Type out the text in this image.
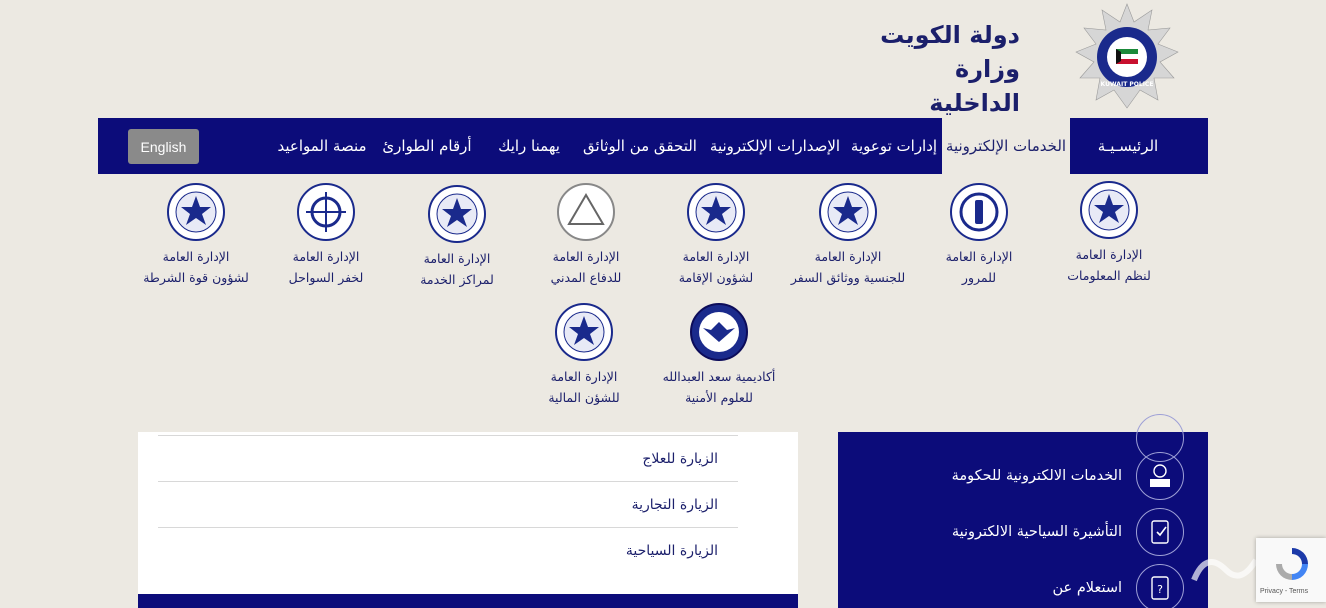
دولة الكويت
وزارة الداخلية
KUWAIT POLICE
الرئيسـيـة
الخدمات الإلكترونية
إدارات توعوية
الإصدارات الإلكترونية
التحقق من الوثائق
يهمنا رايك
أرقام الطوارئ
منصة المواعيد
English
الإدارة العامة
لنظم المعلومات
الإدارة العامة
للمرور
الإدارة العامة
للجنسية ووثائق السفر
الإدارة العامة
لشؤون الإقامة
الإدارة العامة
للدفاع المدني
الإدارة العامة
لمراكز الخدمة
الإدارة العامة
لخفر السواحل
الإدارة العامة
لشؤون قوة الشرطة
أكاديمية سعد العبدالله
للعلوم الأمنية
الإدارة العامة
للشؤن المالية
الزيارة للعلاج
الزيارة التجارية
الزيارة السياحية
الخدمات الالكترونية للحكومة
التأشيرة السياحية الالكترونية
?
استعلام عن	Privacy - Terms
